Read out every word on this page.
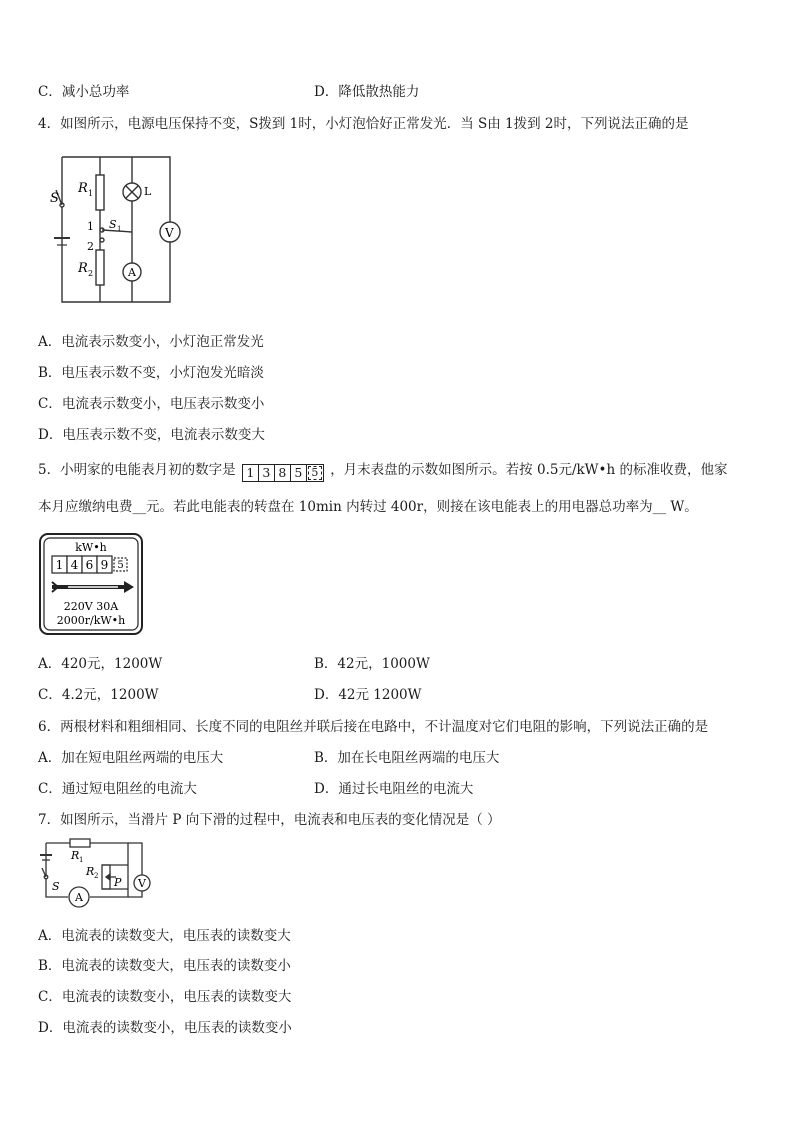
C．减小总功率	D．降低散热能力
4．如图所示，电源电压保持不变，S拨到 1时，小灯泡恰好正常发光．当 S由 1拨到 2时，下列说法正确的是
S
R 1	L
1
2
S 1	V
R 2	A
A．电流表示数变小，小灯泡正常发光
B．电压表示数不变，小灯泡发光暗淡
C．电流表示数变小，电压表示数变小
D．电压表示数不变，电流表示数变大
5．小明家的电能表月初的数字是 1 3 8 5 5 ，月末表盘的示数如图所示。若按 0.5元/kW•h 的标准收费，他家
本月应缴纳电费__元。若此电能表的转盘在 10min 内转过 400r，则接在该电能表上的用电器总功率为__ W。
kW•h
1 4 6 9 5
220V 30A
2000r/kW•h
A．420元，1200W	B．42元，1000W
C．4.2元，1200W	D．42元 1200W
6．两根材料和粗细相同、长度不同的电阻丝并联后接在电路中，不计温度对它们电阻的影响，下列说法正确的是
A．加在短电阻丝两端的电压大	B．加在长电阻丝两端的电压大
C．通过短电阻丝的电流大	D．通过长电阻丝的电流大
7．如图所示，当滑片 P 向下滑的过程中，电流表和电压表的变化情况是（ ）
R 1
R 2 P V
S
A
A．电流表的读数变大，电压表的读数变大
B．电流表的读数变大，电压表的读数变小
C．电流表的读数变小，电压表的读数变大
D．电流表的读数变小，电压表的读数变小
